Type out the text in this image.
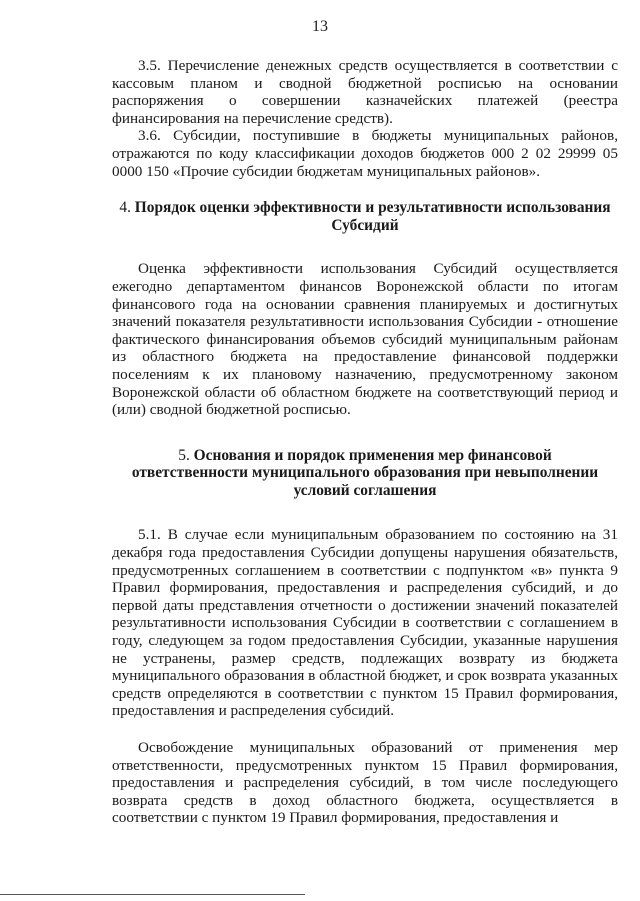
13

3.5. Перечисление денежных средств осуществляется в соответствии с кассовым планом и сводной бюджетной росписью на основании распоряжения о совершении казначейских платежей (реестра финансирования на перечисление средств).

3.6. Субсидии, поступившие в бюджеты муниципальных районов, отражаются по коду классификации доходов бюджетов 000 2 02 29999 05 0000 150 «Прочие субсидии бюджетам муниципальных районов».

4. Порядок оценки эффективности и результативности использования Субсидий

Оценка эффективности использования Субсидий осуществляется ежегодно департаментом финансов Воронежской области по итогам финансового года на основании сравнения планируемых и достигнутых значений показателя результативности использования Субсидии - отношение фактического финансирования объемов субсидий муниципальным районам из областного бюджета на предоставление финансовой поддержки поселениям к их плановому назначению, предусмотренному законом Воронежской области об областном бюджете на соответствующий период и (или) сводной бюджетной росписью.

5. Основания и порядок применения мер финансовой ответственности муниципального образования при невыполнении условий соглашения

5.1. В случае если муниципальным образованием по состоянию на 31 декабря года предоставления Субсидии допущены нарушения обязательств, предусмотренных соглашением в соответствии с подпунктом «в» пункта 9 Правил формирования, предоставления и распределения субсидий, и до первой даты представления отчетности о достижении значений показателей результативности использования Субсидии в соответствии с соглашением в году, следующем за годом предоставления Субсидии, указанные нарушения не устранены, размер средств, подлежащих возврату из бюджета муниципального образования в областной бюджет, и срок возврата указанных средств определяются в соответствии с пунктом 15 Правил формирования, предоставления и распределения субсидий.

Освобождение муниципальных образований от применения мер ответственности, предусмотренных пунктом 15 Правил формирования, предоставления и распределения субсидий, в том числе последующего возврата средств в доход областного бюджета, осуществляется в соответствии с пунктом 19 Правил формирования, предоставления и
